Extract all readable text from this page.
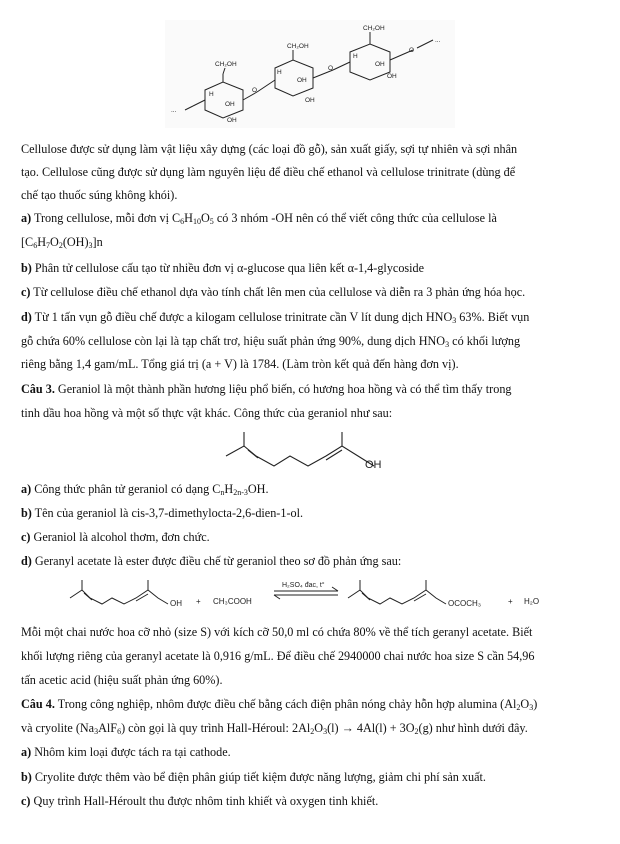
CH₂OH
CH₂OH
CH₂OH
OH
OH
OH
OH
OH
OH
O
O
O
...
...
H
H
H
Cellulose được sử dụng làm vật liệu xây dựng (các loại đồ gỗ), sản xuất giấy, sợi tự nhiên và sợi nhân
tạo. Cellulose cũng được sử dụng làm nguyên liệu để điều chế ethanol và cellulose trinitrate (dùng để
chế tạo thuốc súng không khói).
a) Trong cellulose, mỗi đơn vị $C_6H_{10}O_5$ có 3 nhóm -OH nên có thể viết công thức của cellulose là
$[C_6H_7O_2(OH)_3]n$
b) Phân tử cellulose cấu tạo từ nhiều đơn vị α-glucose qua liên kết α-1,4-glycoside
c) Từ cellulose điều chế ethanol dựa vào tính chất lên men của cellulose và diễn ra 3 phản ứng hóa học.
d) Từ 1 tấn vụn gỗ điều chế được a kilogam cellulose trinitrate cần V lít dung dịch $HNO_3$ 63%. Biết vụn
gỗ chứa 60% cellulose còn lại là tạp chất trơ, hiệu suất phản ứng 90%, dung dịch $HNO_3$ có khối lượng
riêng bằng 1,4 gam/mL. Tổng giá trị (a + V) là 1784. (Làm tròn kết quả đến hàng đơn vị).
Câu 3. Geraniol là một thành phần hương liệu phổ biến, có hương hoa hồng và có thể tìm thấy trong
tinh dầu hoa hồng và một số thực vật khác. Công thức của geraniol như sau:
OH
a) Công thức phân tử geraniol có dạng $C_nH_{2n-3}OH$.
b) Tên của geraniol là cis-3,7-dimethylocta-2,6-dien-1-ol.
c) Geraniol là alcohol thơm, đơn chức.
d) Geranyl acetate là ester được điều chế từ geraniol theo sơ đồ phản ứng sau:
OH + CH₃COOH
H₂SO₄ đac, t°
OCOCH₃	+ H₂O
Mỗi một chai nước hoa cỡ nhỏ (size S) với kích cỡ 50,0 ml có chứa 80% về thể tích geranyl acetate. Biết
khối lượng riêng của geranyl acetate là 0,916 g/mL. Để điều chế 2940000 chai nước hoa size S cần 54,96
tấn acetic acid (hiệu suất phản ứng 60%).
Câu 4. Trong công nghiệp, nhôm được điều chế bằng cách điện phân nóng chảy hỗn hợp alumina $(Al_2O_3)$
và cryolite $(Na_3AlF_6)$ còn gọi là quy trình Hall-Héroul: $2Al_2O_3(l) \to 4Al(l) + 3O_2(g)$ như hình dưới đây.
a) Nhôm kim loại được tách ra tại cathode.
b) Cryolite được thêm vào bể điện phân giúp tiết kiệm được năng lượng, giảm chi phí sản xuất.
c) Quy trình Hall-Héroult thu được nhôm tinh khiết và oxygen tinh khiết.
